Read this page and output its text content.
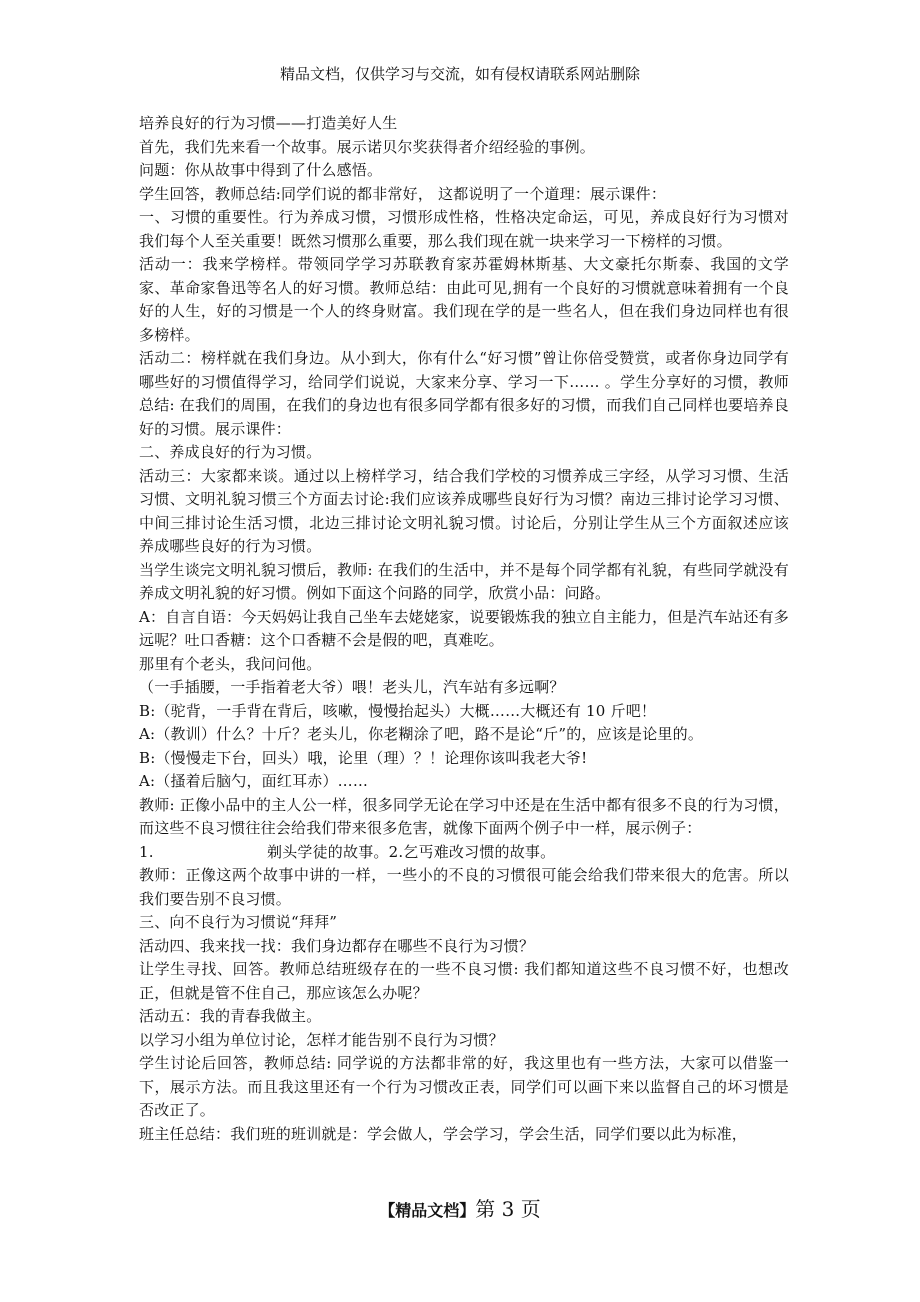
精品文档，仅供学习与交流，如有侵权请联系网站删除

培养良好的行为习惯——打造美好人生

首先，我们先来看一个故事。展示诺贝尔奖获得者介绍经验的事例。

问题：你从故事中得到了什么感悟。

学生回答，教师总结:同学们说的都非常好， 这都说明了一个道理：展示课件：

一、习惯的重要性。行为养成习惯，习惯形成性格，性格决定命运，可见，养成良好行为习惯对我们每个人至关重要！既然习惯那么重要，那么我们现在就一块来学习一下榜样的习惯。

活动一：我来学榜样。带领同学学习苏联教育家苏霍姆林斯基、大文豪托尔斯泰、我国的文学家、革命家鲁迅等名人的好习惯。教师总结：由此可见,拥有一个良好的习惯就意味着拥有一个良好的人生，好的习惯是一个人的终身财富。我们现在学的是一些名人，但在我们身边同样也有很多榜样。

活动二：榜样就在我们身边。从小到大，你有什么“好习惯”曾让你倍受赞赏，或者你身边同学有哪些好的习惯值得学习，给同学们说说，大家来分享、学习一下…… 。学生分享好的习惯，教师总结: 在我们的周围，在我们的身边也有很多同学都有很多好的习惯，而我们自己同样也要培养良好的习惯。展示课件：

二、养成良好的行为习惯。

活动三：大家都来谈。通过以上榜样学习，结合我们学校的习惯养成三字经，从学习习惯、生活习惯、文明礼貌习惯三个方面去讨论:我们应该养成哪些良好行为习惯？南边三排讨论学习习惯、中间三排讨论生活习惯，北边三排讨论文明礼貌习惯。讨论后，分别让学生从三个方面叙述应该养成哪些良好的行为习惯。

当学生谈完文明礼貌习惯后，教师: 在我们的生活中，并不是每个同学都有礼貌，有些同学就没有养成文明礼貌的好习惯。例如下面这个问路的同学，欣赏小品：问路。

A：自言自语：今天妈妈让我自己坐车去姥姥家，说要锻炼我的独立自主能力，但是汽车站还有多远呢？吐口香糖：这个口香糖不会是假的吧，真难吃。

那里有个老头，我问问他。

（一手插腰，一手指着老大爷）喂！老头儿，汽车站有多远啊？

B:（驼背，一手背在背后，咳嗽，慢慢抬起头）大概……大概还有 10 斤吧！

A:（教训）什么？十斤？老头儿，你老糊涂了吧，路不是论“斤”的，应该是论里的。

B:（慢慢走下台，回头）哦，论里（理）？！论理你该叫我老大爷!

A:（搔着后脑勺，面红耳赤）……

教师: 正像小品中的主人公一样，很多同学无论在学习中还是在生活中都有很多不良的行为习惯，而这些不良习惯往往会给我们带来很多危害，就像下面两个例子中一样，展示例子：

1.	剃头学徒的故事。2.乞丐难改习惯的故事。

教师：正像这两个故事中讲的一样，一些小的不良的习惯很可能会给我们带来很大的危害。所以我们要告别不良习惯。

三、向不良行为习惯说“拜拜”

活动四、我来找一找：我们身边都存在哪些不良行为习惯？

让学生寻找、回答。教师总结班级存在的一些不良习惯: 我们都知道这些不良习惯不好，也想改正，但就是管不住自己，那应该怎么办呢？

活动五：我的青春我做主。

以学习小组为单位讨论，怎样才能告别不良行为习惯？

学生讨论后回答，教师总结: 同学说的方法都非常的好，我这里也有一些方法，大家可以借鉴一下，展示方法。而且我这里还有一个行为习惯改正表，同学们可以画下来以监督自己的坏习惯是否改正了。

班主任总结：我们班的班训就是：学会做人，学会学习，学会生活，同学们要以此为标准，

【精品文档】第 3 页
